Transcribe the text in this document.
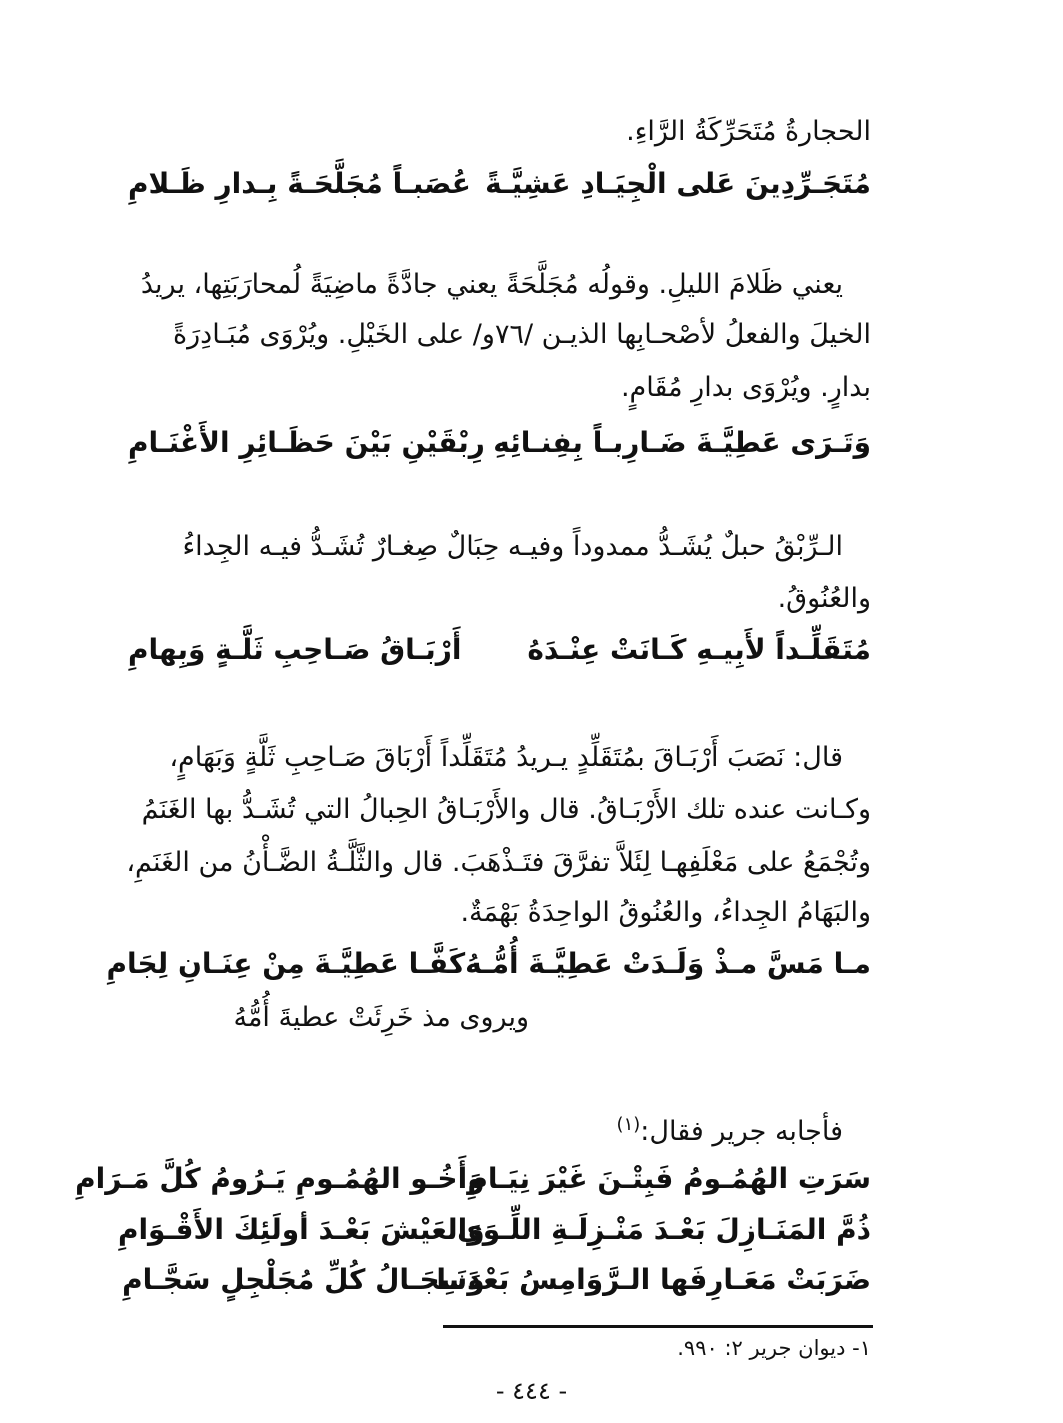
الحجارةُ مُتَحَرِّكَةُ الرَّاءِ.
مُتَجَـرِّدِينَ عَلى الْجِيَـادِ عَشِيَّـةً
عُصَبـاً مُجَلَّحَـةً بِـدارِ ظَـلامِ
يعني ظَلامَ الليلِ. وقولُه مُجَلَّحَةً يعني جادَّةً ماضِيَةً لُمحارَبَتِها، يريدُ
الخيلَ والفعلُ لأصْحـابِها الذيـن /٧٦و/ على الخَيْلِ. ويُرْوَى مُبَـادِرَةً
بدارٍ. ويُرْوَى بدارِ مُقَامٍ.
وَتَـرَى عَطِيَّـةَ ضَـارِبـاً بِفِنـائِهِ
رِبْقَيْنِ بَيْنَ حَظَـائِرِ الأَغْنَـامِ
الـرِّبْقُ حبلٌ يُشَـدُّ ممدوداً وفيـه حِبَالٌ صِغـارٌ تُشَـدُّ فيـه الجِداءُ
والعُنُوقُ.
مُتَقَلِّـداً لأَبِيـهِ كَـانَتْ عِنْـدَهُ
أَرْبَـاقُ صَـاحِبِ ثَلَّـةٍ وَبِهامِ
قال: نَصَبَ أَرْبَـاقَ بمُتَقَلِّدٍ يـريدُ مُتَقَلِّداً أَرْبَاقَ صَـاحِبِ ثَلَّةٍ وَبَهَامٍ،
وكـانت عنده تلك الأَرْبَـاقُ. قال والأَرْبَـاقُ الحِبالُ التي تُشَـدُّ بها الغَنَمُ
وتُجْمَعُ على مَعْلَفِهـا لِئَلاَّ تفرَّقَ فتَـذْهَبَ. قال والثَّلَّـةُ الضَّـأْنُ من الغَنَمِ،
والبَهَامُ الجِداءُ، والعُنُوقُ الواحِدَةُ بَهْمَةٌ.
مـا مَسَّ مـذْ وَلَـدَتْ عَطِيَّـةَ أُمُّـهُ
كَفَّـا عَطِيَّـةَ مِنْ عِنَـانِ لِجَامِ
ويروى مذ خَرِئَتْ عطيةَ أُمُّهُ
فأجابه جرير فقال:$^{(١)}$
سَرَتِ الهُمُـومُ فَبِتْـنَ غَيْرَ نِيَـامِ
وَأَخُـو الهُمُـومِ يَـرُومُ كُلَّ مَـرَامِ
ذُمَّ المَنَـازِلَ بَعْـدَ مَنْـزِلَـةِ اللِّـوَى
وَالعَيْشَ بَعْـدَ أولَئِكَ الأَقْـوَامِ
ضَرَبَتْ مَعَـارِفَها الـرَّوَامِسُ بَعْدَنَـا
وَسِجَـالُ كُلِّ مُجَلْجِلٍ سَجَّـامِ
١- ديوان جرير ٢: ٩٩٠.
- ٤٤٤ -
